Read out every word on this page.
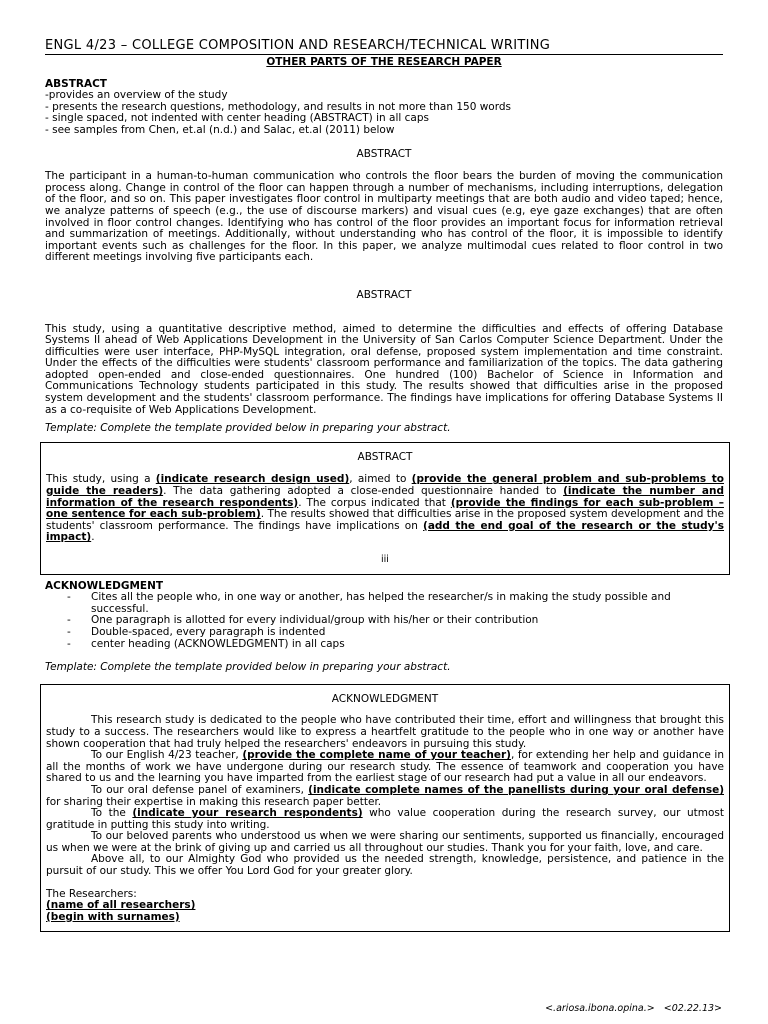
ENGL 4/23 – COLLEGE COMPOSITION AND RESEARCH/TECHNICAL WRITING
OTHER PARTS OF THE RESEARCH PAPER
ABSTRACT
-provides an overview of the study
- presents the research questions, methodology, and results in not more than 150 words
- single spaced, not indented with center heading (ABSTRACT) in all caps
- see samples from Chen, et.al (n.d.) and Salac, et.al (2011) below
ABSTRACT
The participant in a human-to-human communication who controls the floor bears the burden of moving the communication process along. Change in control of the floor can happen through a number of mechanisms, including interruptions, delegation of the floor, and so on. This paper investigates floor control in multiparty meetings that are both audio and video taped; hence, we analyze patterns of speech (e.g., the use of discourse markers) and visual cues (e.g, eye gaze exchanges) that are often involved in floor control changes. Identifying who has control of the floor provides an important focus for information retrieval and summarization of meetings. Additionally, without understanding who has control of the floor, it is impossible to identify important events such as challenges for the floor. In this paper, we analyze multimodal cues related to floor control in two different meetings involving five participants each.
ABSTRACT
This study, using a quantitative descriptive method, aimed to determine the difficulties and effects of offering Database Systems II ahead of Web Applications Development in the University of San Carlos Computer Science Department. Under the difficulties were user interface, PHP-MySQL integration, oral defense, proposed system implementation and time constraint. Under the effects of the difficulties were students' classroom performance and familiarization of the topics. The data gathering adopted open-ended and close-ended questionnaires. One hundred (100) Bachelor of Science in Information and Communications Technology students participated in this study. The results showed that difficulties arise in the proposed system development and the students' classroom performance. The findings have implications for offering Database Systems II as a co-requisite of Web Applications Development.
Template: Complete the template provided below in preparing your abstract.
ABSTRACT
This study, using a (indicate research design used), aimed to (provide the general problem and sub-problems to guide the readers). The data gathering adopted a close-ended questionnaire handed to (indicate the number and information of the research respondents). The corpus indicated that (provide the findings for each sub-problem – one sentence for each sub-problem). The results showed that difficulties arise in the proposed system development and the students' classroom performance. The findings have implications on (add the end goal of the research or the study's impact).
iii
ACKNOWLEDGMENT
- Cites all the people who, in one way or another, has helped the researcher/s in making the study possible and successful.
- One paragraph is allotted for every individual/group with his/her or their contribution
- Double-spaced, every paragraph is indented
- center heading (ACKNOWLEDGMENT) in all caps
Template: Complete the template provided below in preparing your abstract.
ACKNOWLEDGMENT
This research study is dedicated to the people who have contributed their time, effort and willingness that brought this study to a success. The researchers would like to express a heartfelt gratitude to the people who in one way or another have shown cooperation that had truly helped the researchers' endeavors in pursuing this study.
To our English 4/23 teacher, (provide the complete name of your teacher), for extending her help and guidance in all the months of work we have undergone during our research study. The essence of teamwork and cooperation you have shared to us and the learning you have imparted from the earliest stage of our research had put a value in all our endeavors.
To our oral defense panel of examiners, (indicate complete names of the panellists during your oral defense) for sharing their expertise in making this research paper better.
To the (indicate your research respondents) who value cooperation during the research survey, our utmost gratitude in putting this study into writing.
To our beloved parents who understood us when we were sharing our sentiments, supported us financially, encouraged us when we were at the brink of giving up and carried us all throughout our studies. Thank you for your faith, love, and care.
Above all, to our Almighty God who provided us the needed strength, knowledge, persistence, and patience in the pursuit of our study. This we offer You Lord God for your greater glory.
The Researchers:
(name of all researchers)
(begin with surnames)
<.ariosa.ibona.opina.> <02.22.13>
